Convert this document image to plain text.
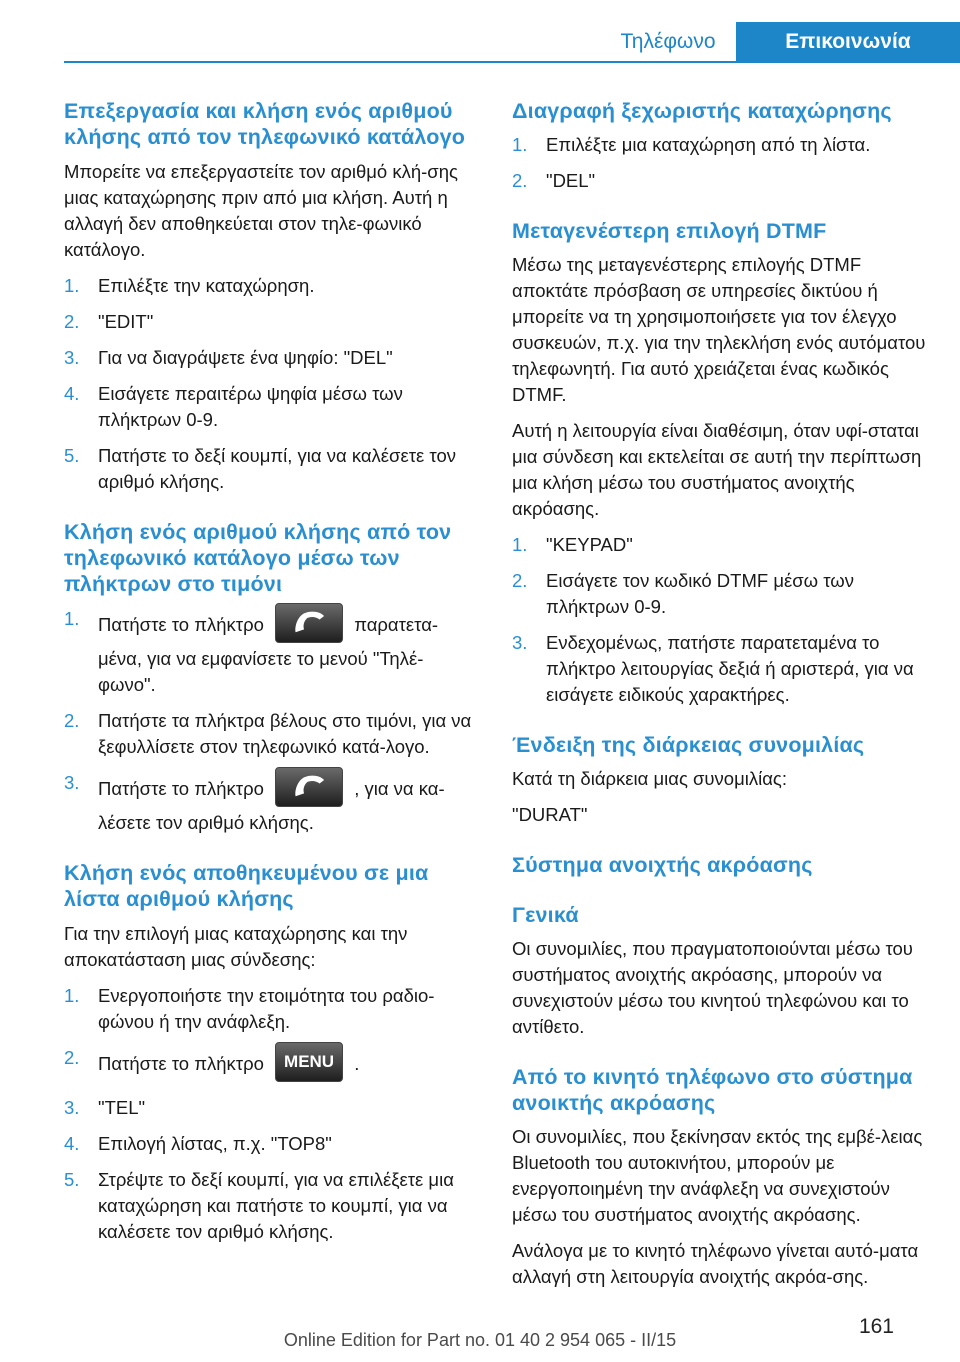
Τηλέφωνο	Επικοινωνία
Επεξεργασία και κλήση ενός αριθμού κλήσης από τον τηλεφωνικό κατάλογο

Μπορείτε να επεξεργαστείτε τον αριθμό κλή‐σης μιας καταχώρησης πριν από μια κλήση. Αυτή η αλλαγή δεν αποθηκεύεται στον τηλε‐φωνικό κατάλογο.

1. Επιλέξτε την καταχώρηση.
2. "EDIT"
3. Για να διαγράψετε ένα ψηφίο: "DEL"
4. Εισάγετε περαιτέρω ψηφία μέσω των πλήκτρων 0‑9.
5. Πατήστε το δεξί κουμπί, για να καλέσετε τον αριθμό κλήσης.
Κλήση ενός αριθμού κλήσης από τον τηλεφωνικό κατάλογο μέσω των πλήκτρων στο τιμόνι
1. Πατήστε το πλήκτρο	παρατετα‐μένα, για να εμφανίσετε το μενού "Τηλέ‐φωνο".
2. Πατήστε τα πλήκτρα βέλους στο τιμόνι, για να ξεφυλλίσετε στον τηλεφωνικό κατά‐λογο.
3. Πατήστε το πλήκτρο	, για να κα‐λέσετε τον αριθμό κλήσης.
Κλήση ενός αποθηκευμένου σε μια λίστα αριθμού κλήσης

Για την επιλογή μιας καταχώρησης και την αποκατάσταση μιας σύνδεσης:

1. Ενεργοποιήστε την ετοιμότητα του ραδιο‐φώνου ή την ανάφλεξη.
2. Πατήστε το πλήκτρο MENU .
3. "TEL"
4. Επιλογή λίστας, π.χ. "TOP8"
5. Στρέψτε το δεξί κουμπί, για να επιλέξετε μια καταχώρηση και πατήστε το κουμπί, για να καλέσετε τον αριθμό κλήσης.
Διαγραφή ξεχωριστής καταχώρησης
1. Επιλέξτε μια καταχώρηση από τη λίστα.
2. "DEL"
Μεταγενέστερη επιλογή DTMF

Μέσω της μεταγενέστερης επιλογής DTMF αποκτάτε πρόσβαση σε υπηρεσίες δικτύου ή μπορείτε να τη χρησιμοποιήσετε για τον έλεγχο συσκευών, π.χ. για την τηλεκλήση ενός αυτόματου τηλεφωνητή. Για αυτό χρειάζεται ένας κωδικός DTMF.

Αυτή η λειτουργία είναι διαθέσιμη, όταν υφί‐σταται μια σύνδεση και εκτελείται σε αυτή την περίπτωση μια κλήση μέσω του συστήματος ανοιχτής ακρόασης.

1. "KEYPAD"
2. Εισάγετε τον κωδικό DTMF μέσω των πλήκτρων 0‑9.
3. Ενδεχομένως, πατήστε παρατεταμένα το πλήκτρο λειτουργίας δεξιά ή αριστερά, για να εισάγετε ειδικούς χαρακτήρες.
Ένδειξη της διάρκειας συνομιλίας

Κατά τη διάρκεια μιας συνομιλίας:

"DURAT"

Σύστημα ανοιχτής ακρόασης
Γενικά

Οι συνομιλίες, που πραγματοποιούνται μέσω του συστήματος ανοιχτής ακρόασης, μπορούν να συνεχιστούν μέσω του κινητού τηλεφώνου και το αντίθετο.

Από το κινητό τηλέφωνο στο σύστημα ανοικτής ακρόασης

Οι συνομιλίες, που ξεκίνησαν εκτός της εμβέ‐λειας Bluetooth του αυτοκινήτου, μπορούν με ενεργοποιημένη την ανάφλεξη να συνεχιστούν μέσω του συστήματος ανοιχτής ακρόασης.

Ανάλογα με το κινητό τηλέφωνο γίνεται αυτό‐ματα αλλαγή στη λειτουργία ανοιχτής ακρόα‐σης.

161
Online Edition for Part no. 01 40 2 954 065 - II/15
